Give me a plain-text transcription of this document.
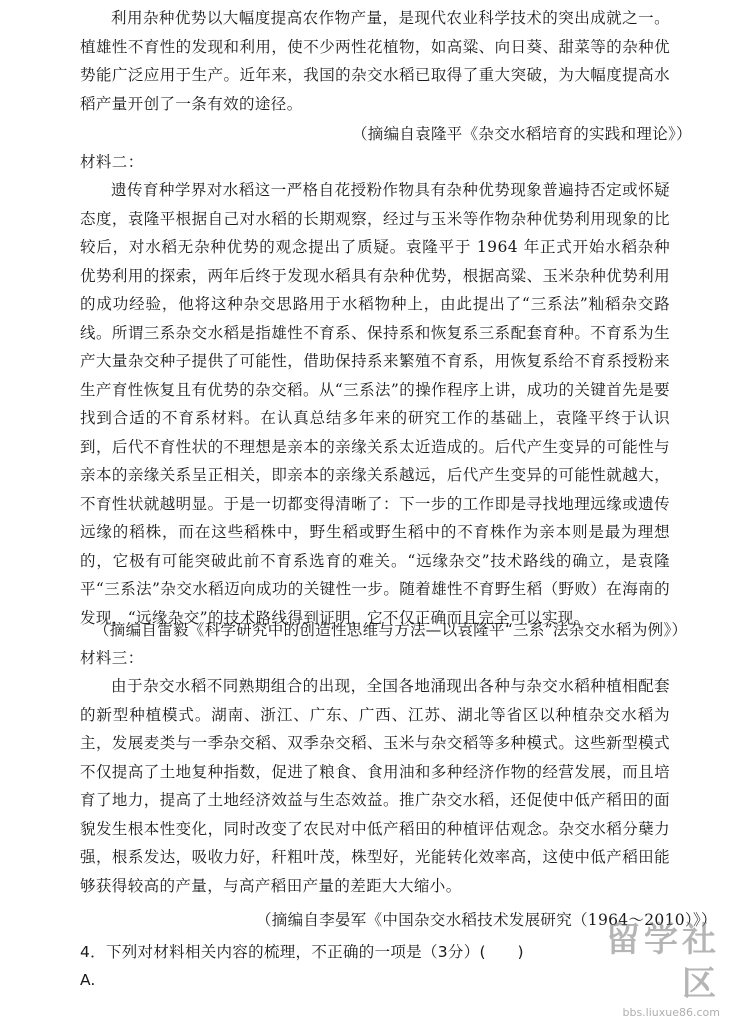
利用杂种优势以大幅度提高农作物产量，是现代农业科学技术的突出成就之一。植雄性不育性的发现和利用，使不少两性花植物，如高粱、向日葵、甜菜等的杂种优势能广泛应用于生产。近年来，我国的杂交水稻已取得了重大突破，为大幅度提高水稻产量开创了一条有效的途径。
（摘编自袁隆平《杂交水稻培育的实践和理论》）
材料二：
遗传育种学界对水稻这一严格自花授粉作物具有杂种优势现象普遍持否定或怀疑态度，袁隆平根据自己对水稻的长期观察，经过与玉米等作物杂种优势利用现象的比较后，对水稻无杂种优势的观念提出了质疑。袁隆平于 1964 年正式开始水稻杂种优势利用的探索，两年后终于发现水稻具有杂种优势，根据高粱、玉米杂种优势利用的成功经验，他将这种杂交思路用于水稻物种上，由此提出了“三系法”籼稻杂交路线。所谓三系杂交水稻是指雄性不育系、保持系和恢复系三系配套育种。不育系为生产大量杂交种子提供了可能性，借助保持系来繁殖不育系，用恢复系给不育系授粉来生产育性恢复且有优势的杂交稻。从“三系法”的操作程序上讲，成功的关键首先是要找到合适的不育系材料。在认真总结多年来的研究工作的基础上，袁隆平终于认识到，后代不育性状的不理想是亲本的亲缘关系太近造成的。后代产生变异的可能性与亲本的亲缘关系呈正相关，即亲本的亲缘关系越远，后代产生变异的可能性就越大，不育性状就越明显。于是一切都变得清晰了：下一步的工作即是寻找地理远缘或遗传远缘的稻株，而在这些稻株中，野生稻或野生稻中的不育株作为亲本则是最为理想的，它极有可能突破此前不育系选育的难关。“远缘杂交”技术路线的确立，是袁隆平“三系法”杂交水稻迈向成功的关键性一步。随着雄性不育野生稻（野败）在海南的发现，“远缘杂交”的技术路线得到证明，它不仅正确而且完全可以实现。
（摘编自雷毅《科学研究中的创造性思维与方法—以袁隆平“三系”法杂交水稻为例》）
材料三：
由于杂交水稻不同熟期组合的出现，全国各地涌现出各种与杂交水稻种植相配套的新型种植模式。湖南、浙江、广东、广西、江苏、湖北等省区以种植杂交水稻为主，发展麦类与一季杂交稻、双季杂交稻、玉米与杂交稻等多种模式。这些新型模式不仅提高了土地复种指数，促进了粮食、食用油和多种经济作物的经营发展，而且培育了地力，提高了土地经济效益与生态效益。推广杂交水稻，还促使中低产稻田的面貌发生根本性变化，同时改变了农民对中低产稻田的种植评估观念。杂交水稻分蘖力强，根系发达，吸收力好，秆粗叶茂，株型好，光能转化效率高，这使中低产稻田能够获得较高的产量，与高产稻田产量的差距大大缩小。
（摘编自李晏军《中国杂交水稻技术发展研究（1964～2010）》）
4．下列对材料相关内容的梳理，不正确的一项是（3分）(　　)
A.
留学社区
bbs.liuxue86.com
